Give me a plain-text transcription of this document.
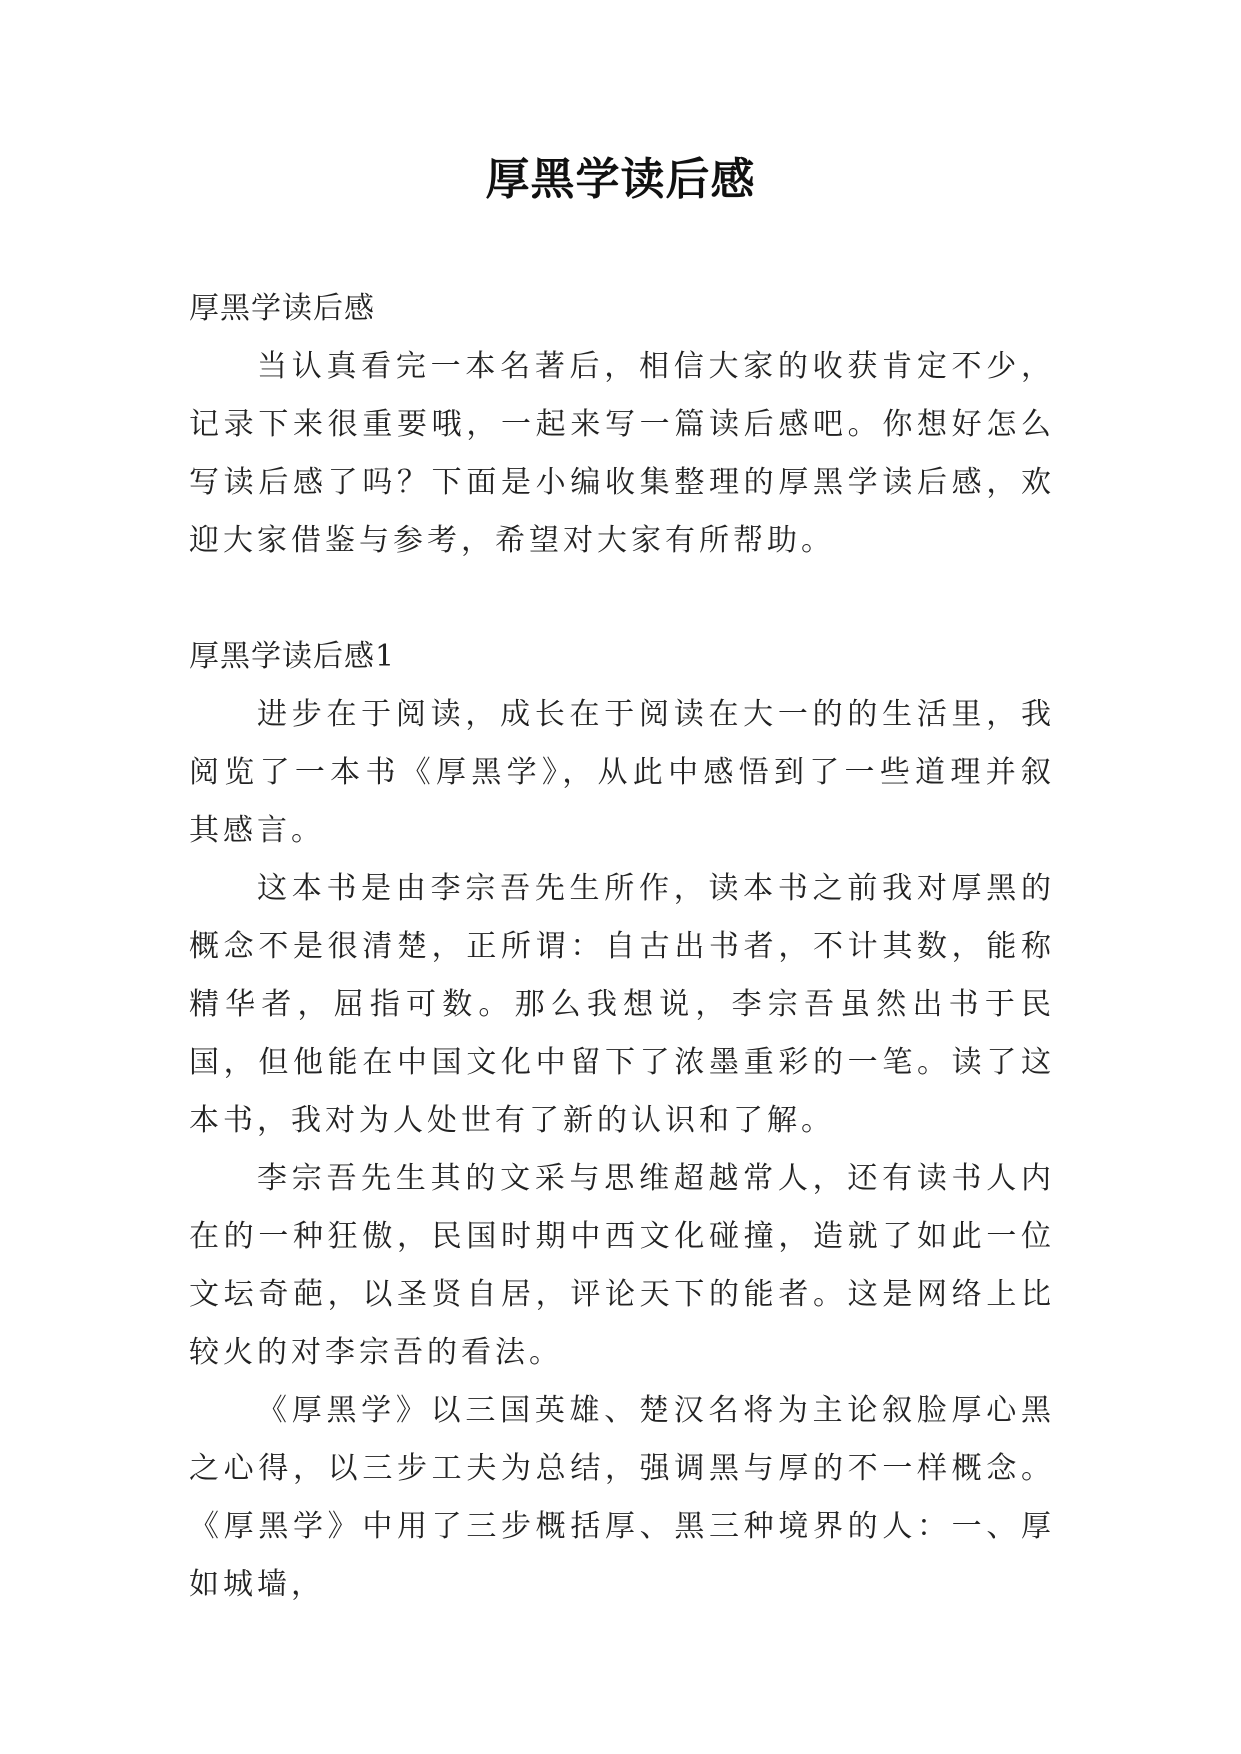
厚黑学读后感

厚黑学读后感

当认真看完一本名著后，相信大家的收获肯定不少，记录下来很重要哦，一起来写一篇读后感吧。你想好怎么写读后感了吗？下面是小编收集整理的厚黑学读后感，欢迎大家借鉴与参考，希望对大家有所帮助。

厚黑学读后感1

进步在于阅读，成长在于阅读在大一的的生活里，我阅览了一本书《厚黑学》，从此中感悟到了一些道理并叙其感言。

这本书是由李宗吾先生所作，读本书之前我对厚黑的概念不是很清楚，正所谓：自古出书者，不计其数，能称精华者，屈指可数。那么我想说，李宗吾虽然出书于民国，但他能在中国文化中留下了浓墨重彩的一笔。读了这本书，我对为人处世有了新的认识和了解。

李宗吾先生其的文采与思维超越常人，还有读书人内在的一种狂傲，民国时期中西文化碰撞，造就了如此一位文坛奇葩，以圣贤自居，评论天下的能者。这是网络上比较火的对李宗吾的看法。

《厚黑学》以三国英雄、楚汉名将为主论叙脸厚心黑之心得，以三步工夫为总结，强调黑与厚的不一样概念。《厚黑学》中用了三步概括厚、黑三种境界的人：一、厚如城墙，
